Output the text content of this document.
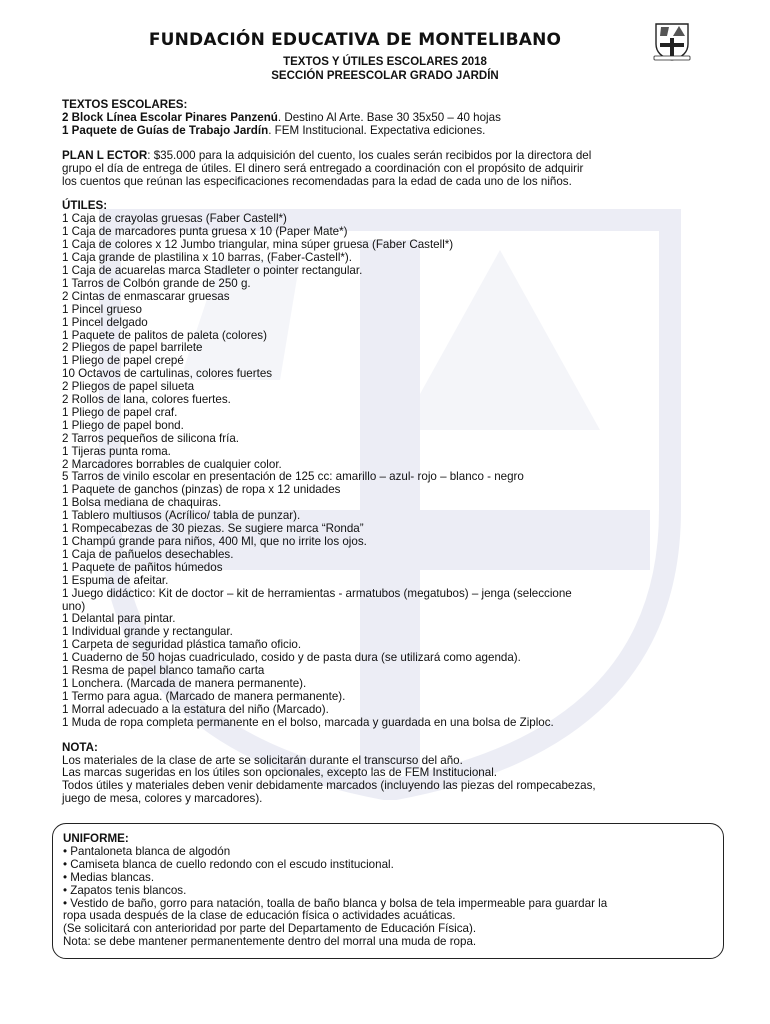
FUNDACIÓN EDUCATIVA DE MONTELIBANO
TEXTOS Y ÚTILES ESCOLARES 2018
SECCIÓN PREESCOLAR GRADO JARDÍN

TEXTOS ESCOLARES:

2 Block Línea Escolar Pinares Panzenú. Destino Al Arte. Base 30 35x50 – 40 hojas

1 Paquete de Guías de Trabajo Jardín. FEM Institucional. Expectativa ediciones.

PLAN L ECTOR: $35.000 para la adquisición del cuento, los cuales serán recibidos por la directora del

grupo el día de entrega de útiles. El dinero será entregado a coordinación con el propósito de adquirir

los cuentos que reúnan las especificaciones recomendadas para la edad de cada uno de los niños.

ÚTILES:

1 Caja de crayolas gruesas (Faber Castell*)

1 Caja de marcadores punta gruesa x 10 (Paper Mate*)

1 Caja de colores x 12 Jumbo triangular, mina súper gruesa (Faber Castell*)

1 Caja grande de plastilina x 10 barras, (Faber-Castell*).

1 Caja de acuarelas marca Stadleter o pointer rectangular.

1 Tarros de Colbón grande de 250 g.

2 Cintas de enmascarar gruesas

1 Pincel grueso

1 Pincel delgado

1 Paquete de palitos de paleta (colores)

2 Pliegos de papel barrilete

1 Pliego de papel crepé

10 Octavos de cartulinas, colores fuertes

2 Pliegos de papel silueta

2 Rollos de lana, colores fuertes.

1 Pliego de papel craf.

1 Pliego de papel bond.

2 Tarros pequeños de silicona fría.

1 Tijeras punta roma.

2 Marcadores borrables de cualquier color.

5 Tarros de vinilo escolar en presentación de 125 cc: amarillo – azul- rojo – blanco - negro

1 Paquete de ganchos (pinzas) de ropa x 12 unidades

1 Bolsa mediana de chaquiras.

1 Tablero multiusos (Acrílico/ tabla de punzar).

1 Rompecabezas de 30 piezas. Se sugiere marca “Ronda”

1 Champú grande para niños, 400 Ml, que no irrite los ojos.

1 Caja de pañuelos desechables.

1 Paquete de pañitos húmedos

1 Espuma de afeitar.

1 Juego didáctico: Kit de doctor – kit de herramientas - armatubos (megatubos) – jenga (seleccione

uno)

1 Delantal para pintar.

1 Individual grande y rectangular.

1 Carpeta de seguridad plástica tamaño oficio.

1 Cuaderno de 50 hojas cuadriculado, cosido y de pasta dura (se utilizará como agenda).

1 Resma de papel blanco tamaño carta

1 Lonchera. (Marcada de manera permanente).

1 Termo para agua. (Marcado de manera permanente).

1 Morral adecuado a la estatura del niño (Marcado).

1 Muda de ropa completa permanente en el bolso, marcada y guardada en una bolsa de Ziploc.

NOTA:

Los materiales de la clase de arte se solicitarán durante el transcurso del año.

Las marcas sugeridas en los útiles son opcionales, excepto las de FEM Institucional.

Todos útiles y materiales deben venir debidamente marcados (incluyendo las piezas del rompecabezas,

juego de mesa, colores y marcadores).

UNIFORME:

• Pantaloneta blanca de algodón

• Camiseta blanca de cuello redondo con el escudo institucional.

• Medias blancas.

• Zapatos tenis blancos.

• Vestido de baño, gorro para natación, toalla de baño blanca y bolsa de tela impermeable para guardar la

ropa usada después de la clase de educación física o actividades acuáticas.

(Se solicitará con anterioridad por parte del Departamento de Educación Física).

Nota: se debe mantener permanentemente dentro del morral una muda de ropa.
